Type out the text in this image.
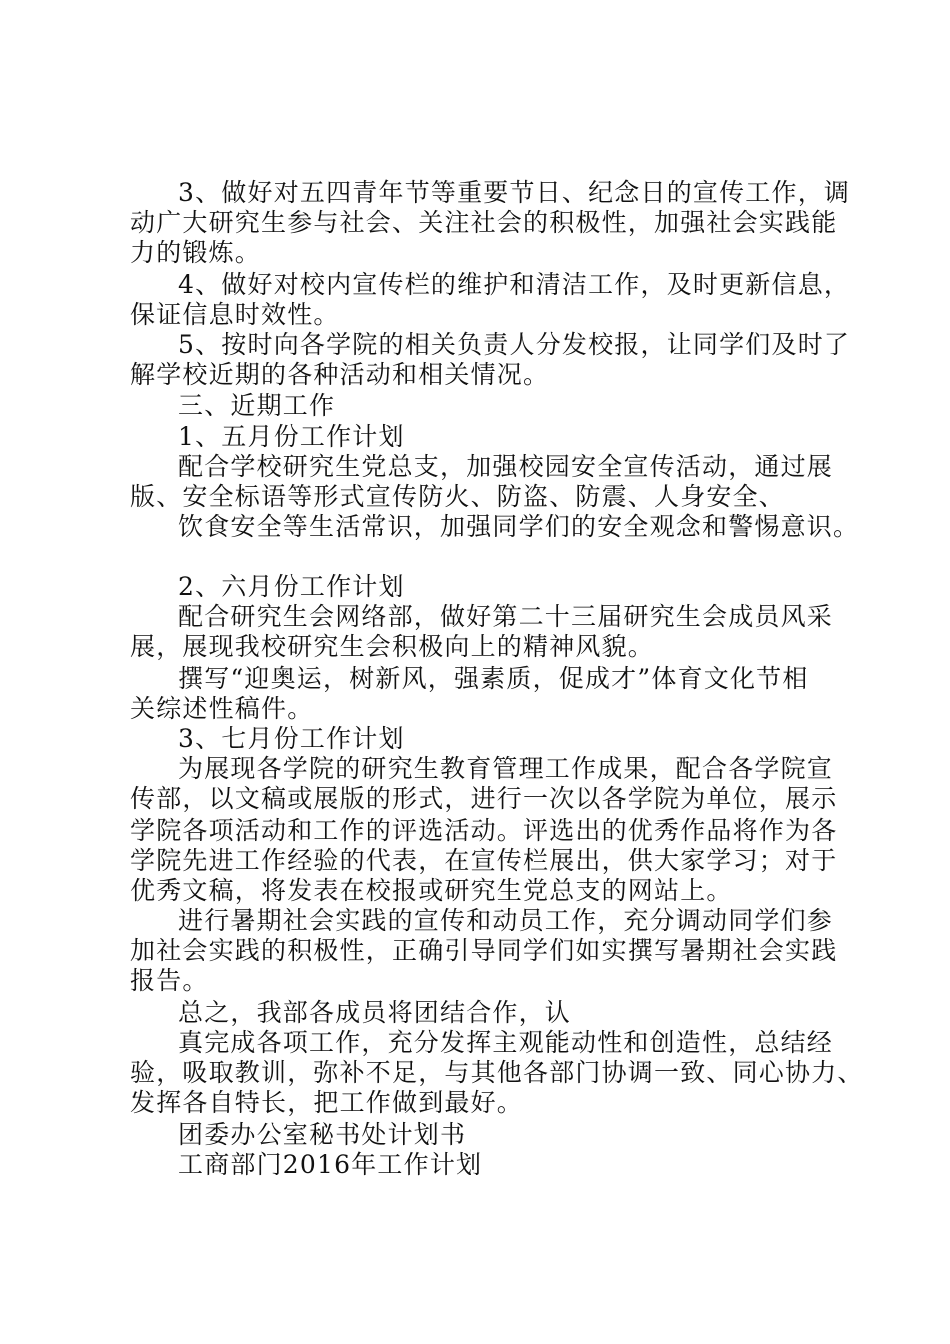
3、做好对五四青年节等重要节日、纪念日的宣传工作，调

动广大研究生参与社会、关注社会的积极性，加强社会实践能

力的锻炼。

4、做好对校内宣传栏的维护和清洁工作，及时更新信息，

保证信息时效性。

5、按时向各学院的相关负责人分发校报，让同学们及时了

解学校近期的各种活动和相关情况。

三、近期工作

1、五月份工作计划

配合学校研究生党总支，加强校园安全宣传活动，通过展

版、安全标语等形式宣传防火、防盗、防震、人身安全、

饮食安全等生活常识，加强同学们的安全观念和警惕意识。

2、六月份工作计划

配合研究生会网络部，做好第二十三届研究生会成员风采

展，展现我校研究生会积极向上的精神风貌。

撰写“迎奥运，树新风，强素质，促成才”体育文化节相

关综述性稿件。

3、七月份工作计划

为展现各学院的研究生教育管理工作成果，配合各学院宣

传部，以文稿或展版的形式，进行一次以各学院为单位，展示

学院各项活动和工作的评选活动。评选出的优秀作品将作为各

学院先进工作经验的代表，在宣传栏展出，供大家学习；对于

优秀文稿，将发表在校报或研究生党总支的网站上。

进行暑期社会实践的宣传和动员工作，充分调动同学们参

加社会实践的积极性，正确引导同学们如实撰写暑期社会实践

报告。

总之，我部各成员将团结合作，认

真完成各项工作，充分发挥主观能动性和创造性，总结经

验，吸取教训，弥补不足，与其他各部门协调一致、同心协力、

发挥各自特长，把工作做到最好。

团委办公室秘书处计划书

工商部门2016年工作计划
